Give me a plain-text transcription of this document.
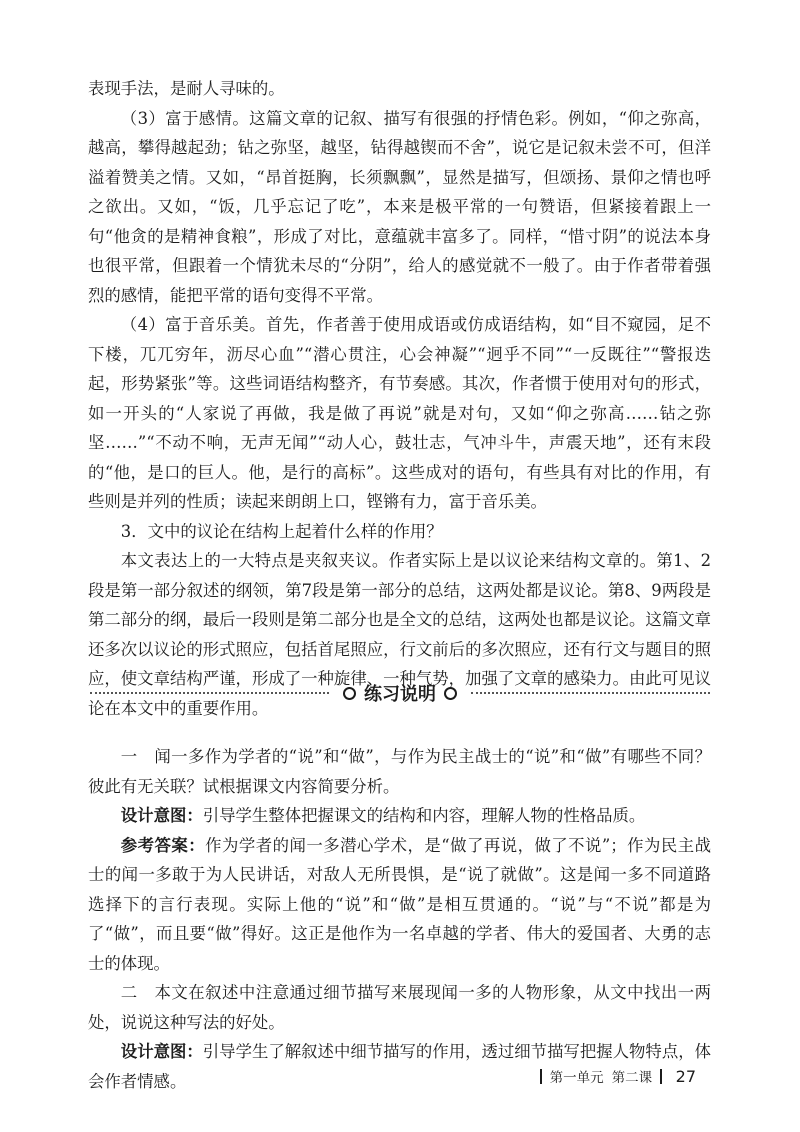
表现手法，是耐人寻味的。

（3）富于感情。这篇文章的记叙、描写有很强的抒情色彩。例如，“仰之弥高，越高，攀得越起劲；钻之弥坚，越坚，钻得越锲而不舍”，说它是记叙未尝不可，但洋溢着赞美之情。又如，“昂首挺胸，长须飘飘”，显然是描写，但颂扬、景仰之情也呼之欲出。又如，“饭，几乎忘记了吃”，本来是极平常的一句赞语，但紧接着跟上一句“他贪的是精神食粮”，形成了对比，意蕴就丰富多了。同样，“惜寸阴”的说法本身也很平常，但跟着一个情犹未尽的“分阴”，给人的感觉就不一般了。由于作者带着强烈的感情，能把平常的语句变得不平常。

（4）富于音乐美。首先，作者善于使用成语或仿成语结构，如“目不窥园，足不下楼，兀兀穷年，沥尽心血”“潜心贯注，心会神凝”“迥乎不同”“一反既往”“警报迭起，形势紧张”等。这些词语结构整齐，有节奏感。其次，作者惯于使用对句的形式，如一开头的“人家说了再做，我是做了再说”就是对句，又如“仰之弥高……钻之弥坚……”“不动不响，无声无闻”“动人心，鼓壮志，气冲斗牛，声震天地”，还有末段的“他，是口的巨人。他，是行的高标”。这些成对的语句，有些具有对比的作用，有些则是并列的性质；读起来朗朗上口，铿锵有力，富于音乐美。

3．文中的议论在结构上起着什么样的作用？

本文表达上的一大特点是夹叙夹议。作者实际上是以议论来结构文章的。第1、2段是第一部分叙述的纲领，第7段是第一部分的总结，这两处都是议论。第8、9两段是第二部分的纲，最后一段则是第二部分也是全文的总结，这两处也都是议论。这篇文章还多次以议论的形式照应，包括首尾照应，行文前后的多次照应，还有行文与题目的照应，使文章结构严谨，形成了一种旋律、一种气势，加强了文章的感染力。由此可见议论在本文中的重要作用。

练习说明

一　闻一多作为学者的“说”和“做”，与作为民主战士的“说”和“做”有哪些不同？彼此有无关联？试根据课文内容简要分析。

设计意图：引导学生整体把握课文的结构和内容，理解人物的性格品质。

参考答案：作为学者的闻一多潜心学术，是“做了再说，做了不说”；作为民主战士的闻一多敢于为人民讲话，对敌人无所畏惧，是“说了就做”。这是闻一多不同道路选择下的言行表现。实际上他的“说”和“做”是相互贯通的。“说”与“不说”都是为了“做”，而且要“做”得好。这正是他作为一名卓越的学者、伟大的爱国者、大勇的志士的体现。

二　本文在叙述中注意通过细节描写来展现闻一多的人物形象，从文中找出一两处，说说这种写法的好处。

设计意图：引导学生了解叙述中细节描写的作用，透过细节描写把握人物特点，体会作者情感。	第一单元 第二课 27
